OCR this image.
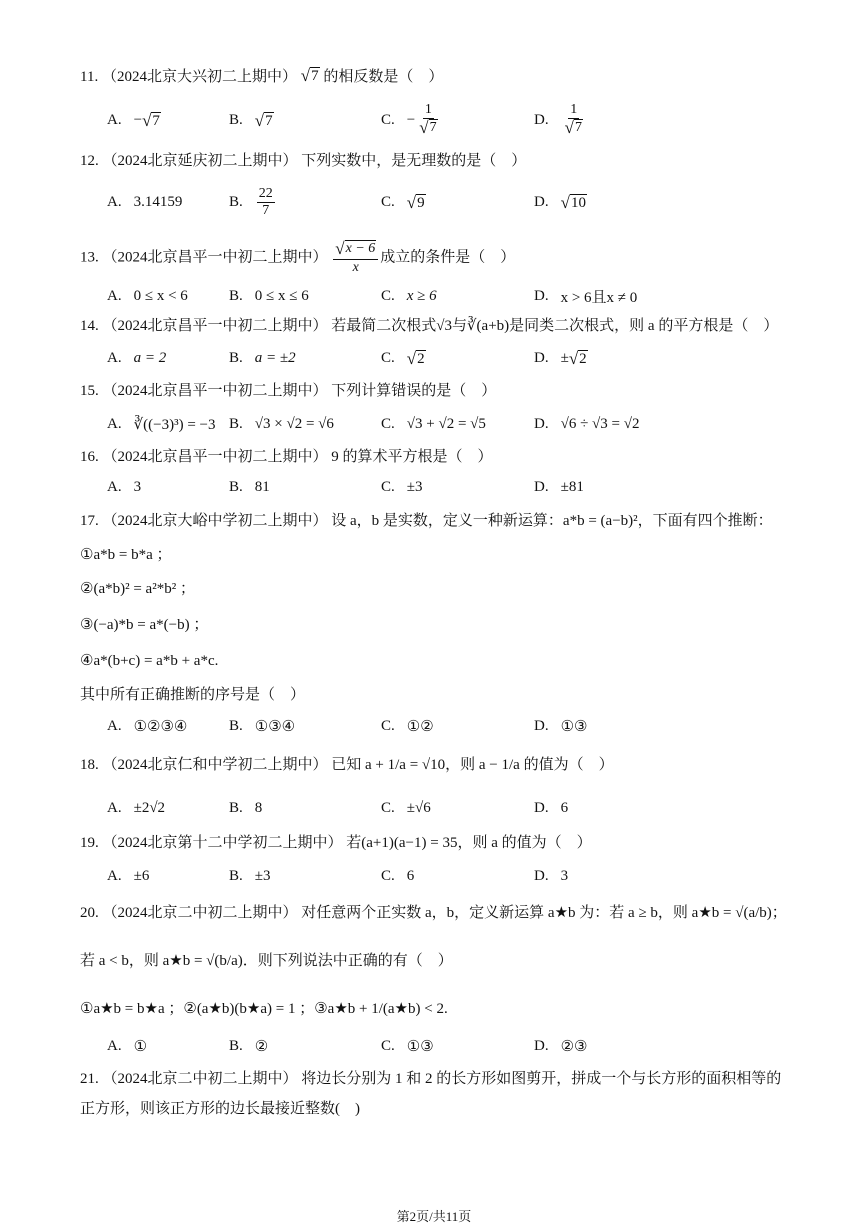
11. （2024北京大兴初二上期中） √ 7 的相反数是（　）
A. − √ 7	B. √ 7	C. − $\frac{1}{√ 7}$	D. $\frac{1}{√ 7}$
12. （2024北京延庆初二上期中） 下列实数中，是无理数的是（　）
A. 3.14159	B. $\frac{22}{7}$	C. √ 9	D. √ 10
13. （2024北京昌平一中初二上期中） $\frac{√ x - 6}{x}$ 成立的条件是（　）
A. 0 ≤ x < 6	B. 0 ≤ x ≤ 6	C. x ≥ 6	D. x > 6且x ≠ 0
14. （2024北京昌平一中初二上期中） 若最简二次根式√3与∛(a+b)是同类二次根式，则 a 的平方根是（　）
A. a = 2	B. a = ±2	C. √ 2	D. ± √ 2
15. （2024北京昌平一中初二上期中） 下列计算错误的是（　）
A. ∛((−3)³) = −3 B. √3 × √2 = √6	C. √3 + √2 = √5	D. √6 ÷ √3 = √2
16. （2024北京昌平一中初二上期中） 9 的算术平方根是（　）
A. 3	B. 81	C. ±3	D. ±81
17. （2024北京大峪中学初二上期中） 设 a，b 是实数，定义一种新运算：a*b = (a−b)²，下面有四个推断：
①a*b = b*a ；
②(a*b)² = a²*b² ；
③(−a)*b = a*(−b) ；
④a*(b+c) = a*b + a*c.
其中所有正确推断的序号是（　）
A. ①②③④	B. ①③④	C. ①②	D. ①③
18. （2024北京仁和中学初二上期中） 已知 a + 1/a = √10，则 a − 1/a 的值为（　）
A. ±2√2	B. 8	C. ±√6	D. 6
19. （2024北京第十二中学初二上期中） 若(a+1)(a−1) = 35，则 a 的值为（　）
A. ±6	B. ±3	C. 6	D. 3
20. （2024北京二中初二上期中） 对任意两个正实数 a，b，定义新运算 a★b 为：若 a ≥ b，则 a★b = √(a/b)；
若 a < b，则 a★b = √(b/a)．则下列说法中正确的有（　）
①a★b = b★a ；②(a★b)(b★a) = 1 ；③a★b + 1/(a★b) < 2.
A. ①	B. ②	C. ①③	D. ②③
21. （2024北京二中初二上期中） 将边长分别为 1 和 2 的长方形如图剪开，拼成一个与长方形的面积相等的
正方形，则该正方形的边长最接近整数(　)
第2页/共11页
